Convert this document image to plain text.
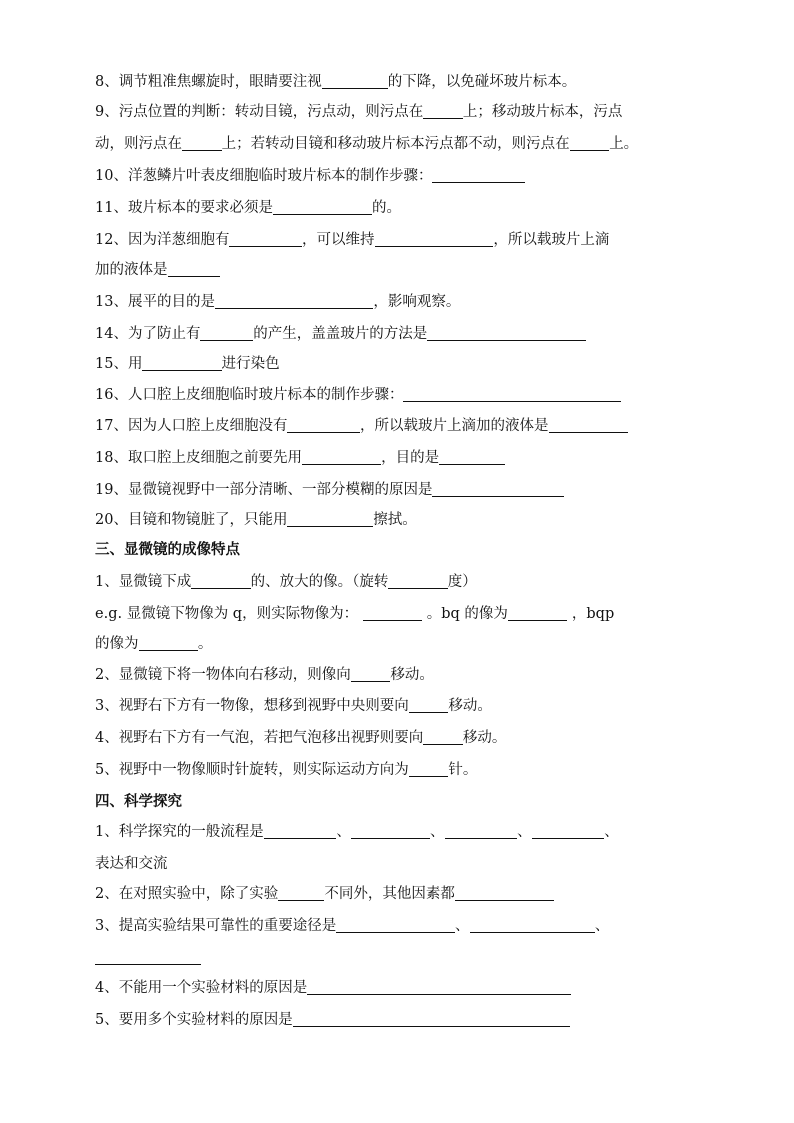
8、调节粗准焦螺旋时，眼睛要注视	的下降，以免碰坏玻片标本。
9、污点位置的判断：转动目镜，污点动，则污点在	上；移动玻片标本，污点
动，则污点在	上；若转动目镜和移动玻片标本污点都不动，则污点在	上。
10、洋葱鳞片叶表皮细胞临时玻片标本的制作步骤：
11、玻片标本的要求必须是	的。
12、因为洋葱细胞有	，可以维持	，所以载玻片上滴
加的液体是
13、展平的目的是	，影响观察。
14、为了防止有	的产生，盖盖玻片的方法是
15、用	进行染色
16、人口腔上皮细胞临时玻片标本的制作步骤：
17、因为人口腔上皮细胞没有	，所以载玻片上滴加的液体是
18、取口腔上皮细胞之前要先用	，目的是
19、显微镜视野中一部分清晰、一部分模糊的原因是
20、目镜和物镜脏了，只能用	擦拭。
三、显微镜的成像特点
1、显微镜下成	的、放大的像。（旋转	度）
e.g. 显微镜下物像为 q，则实际物像为：	。bq 的像为	，bqp
的像为	。
2、显微镜下将一物体向右移动，则像向	移动。
3、视野右下方有一物像，想移到视野中央则要向	移动。
4、视野右下方有一气泡，若把气泡移出视野则要向	移动。
5、视野中一物像顺时针旋转，则实际运动方向为	针。
四、科学探究
1、科学探究的一般流程是	、	、	、	、
表达和交流
2、在对照实验中，除了实验	不同外，其他因素都
3、提高实验结果可靠性的重要途径是	、	、
4、不能用一个实验材料的原因是
5、要用多个实验材料的原因是
